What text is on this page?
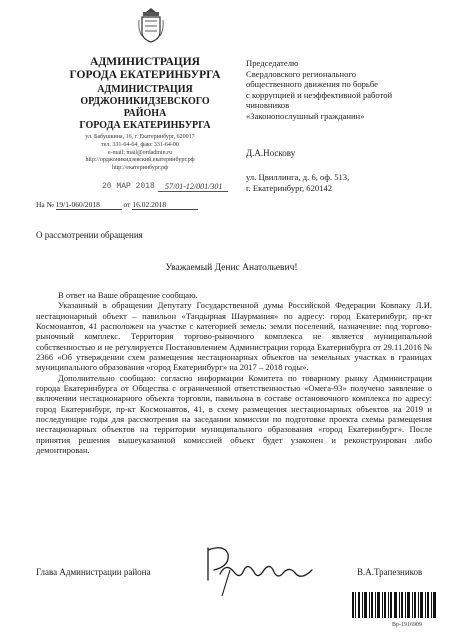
АДМИНИСТРАЦИЯ
ГОРОДА ЕКАТЕРИНБУРГА
АДМИНИСТРАЦИЯ
ОРДЖОНИКИДЗЕВСКОГО
РАЙОНА
ГОРОДА ЕКАТЕРИНБУРГА
ул. Бабушкина, 16, г. Екатеринбург, 620017
тел. 331-64-64, факс 331-64-00
e-mail: mail@ordadmin.ru
http://орджоникидзевский.екатеринбург.рф
http://екатеринбург.рф
20 МАР 2018 57/01-12/001/301
На № 19/1-060/2018	от 16.02.2018
Председателю
Свердловского регионального
общественного движения по борьбе
с коррупцией и неэффективной работой
чиновников
«Законопослушный гражданин»
Д.А.Носкову
ул. Цвиллинга, д. 6, оф. 513,
г. Екатеринбург, 620142
О рассмотрении обращения
Уважаемый Денис Анатольевич!

В ответ на Ваше обращение сообщаю.

Указанный в обращении Депутату Государственной думы Российской Федерации Ковпаку Л.И. нестационарный объект – павильон «Тандырная Шаурмания» по адресу: город Екатеринбург, пр-кт Космонавтов, 41 расположен на участке с категорией земель: земли поселений, назначение: под торгово-рыночный комплекс. Территория торгово-рыночного комплекса не является муниципальной собственностью и не регулируется Постановлением Администрации города Екатеринбурга от 29.11.2016 № 2366 «Об утверждении схем размещения нестационарных объектов на земельных участках в границах муниципального образования «город Екатеринбург» на 2017 – 2018 годы».

Дополнительно сообщаю: согласно информации Комитета по товарному рынку Администрации города Екатеринбурга от Общества с ограниченной ответственностью «Омега-93» получено заявление о включении нестационарного объекта торговли, павильона в составе остановочного комплекса по адресу: город Екатеринбург, пр-кт Космонавтов, 41, в схему размещения нестационарных объектов на 2019 и последующие годы для рассмотрения на заседании комиссии по подготовке проекта схемы размещения нестационарных объектов на территории муниципального образования «город Екатеринбург». После принятия решения вышеуказанной комиссией объект будет узаконен и реконструирован либо демонтирован.

Глава Администрации района	В.А.Трапезников
Вр-1916909
